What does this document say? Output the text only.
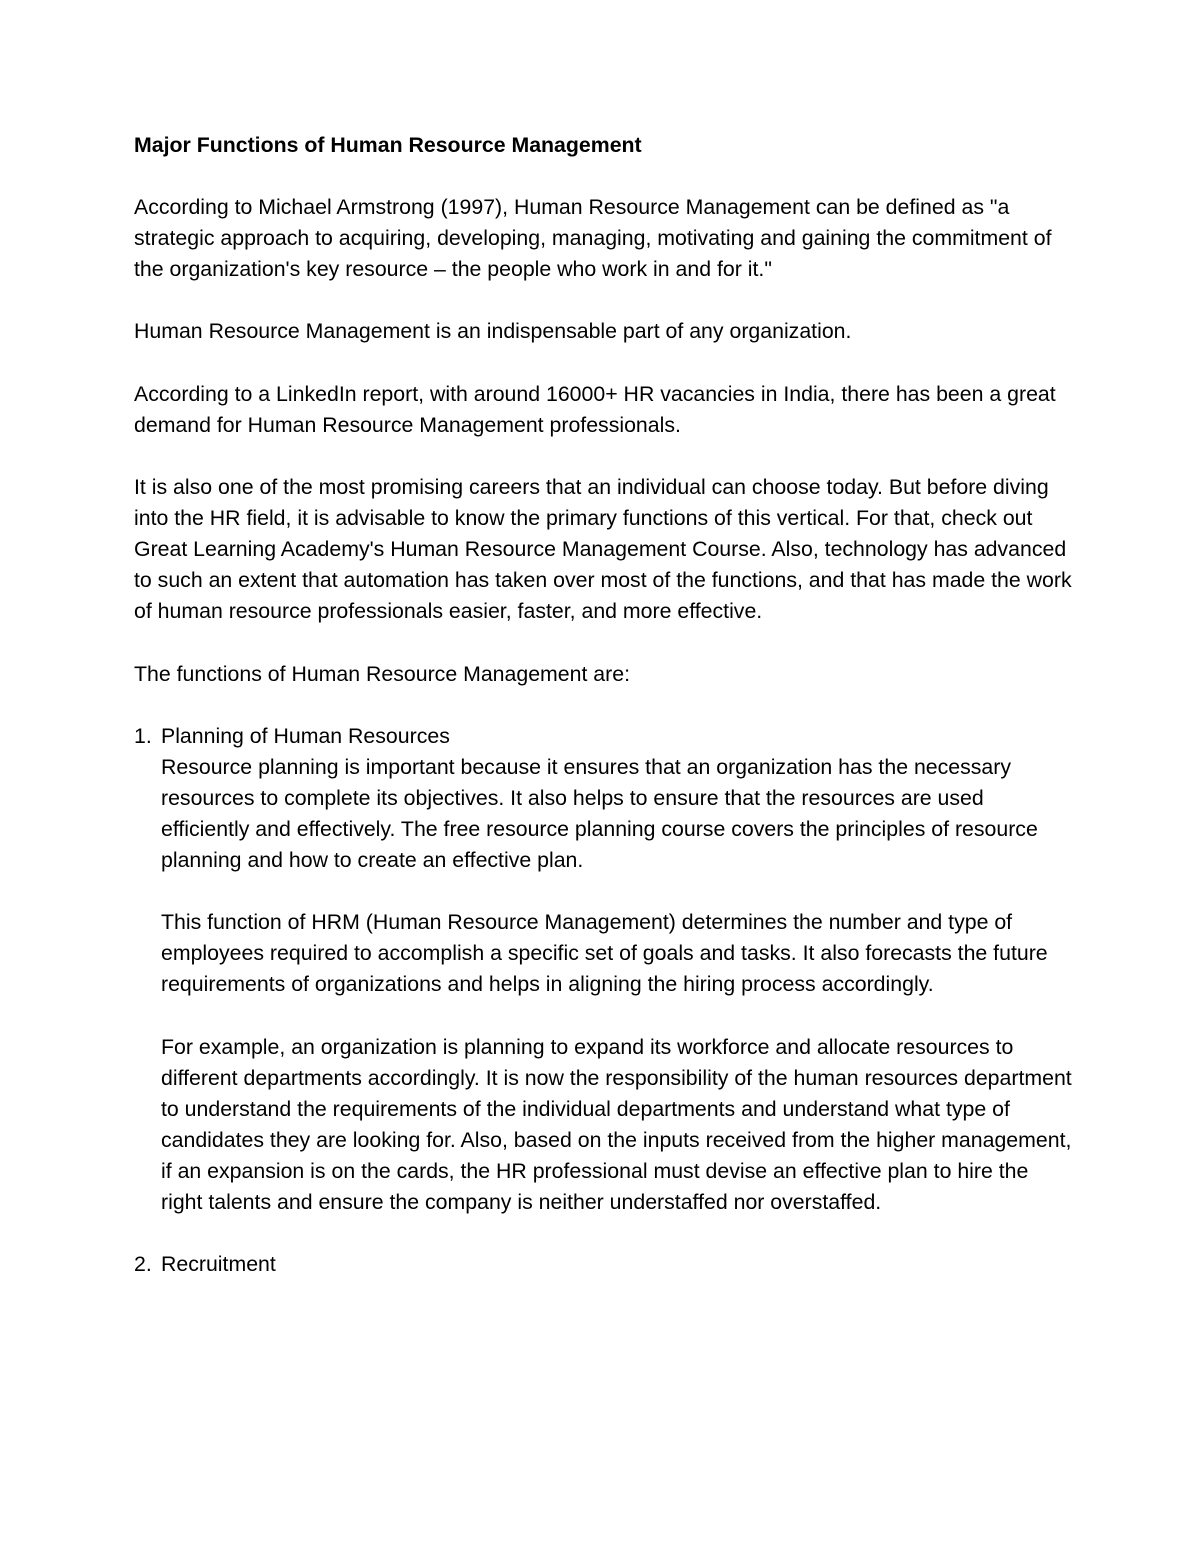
Major Functions of Human Resource Management

According to Michael Armstrong (1997), Human Resource Management can be defined as "a strategic approach to acquiring, developing, managing, motivating and gaining the commitment of the organization's key resource – the people who work in and for it."

Human Resource Management is an indispensable part of any organization.

According to a LinkedIn report, with around 16000+ HR vacancies in India, there has been a great demand for Human Resource Management professionals.

It is also one of the most promising careers that an individual can choose today. But before diving into the HR field, it is advisable to know the primary functions of this vertical. For that, check out Great Learning Academy's Human Resource Management Course. Also, technology has advanced to such an extent that automation has taken over most of the functions, and that has made the work of human resource professionals easier, faster, and more effective.

The functions of Human Resource Management are:

1. Planning of Human Resources

Resource planning is important because it ensures that an organization has the necessary resources to complete its objectives. It also helps to ensure that the resources are used efficiently and effectively. The free resource planning course covers the principles of resource planning and how to create an effective plan.

This function of HRM (Human Resource Management) determines the number and type of employees required to accomplish a specific set of goals and tasks. It also forecasts the future requirements of organizations and helps in aligning the hiring process accordingly.

For example, an organization is planning to expand its workforce and allocate resources to different departments accordingly. It is now the responsibility of the human resources department to understand the requirements of the individual departments and understand what type of candidates they are looking for. Also, based on the inputs received from the higher management, if an expansion is on the cards, the HR professional must devise an effective plan to hire the right talents and ensure the company is neither understaffed nor overstaffed.

2. Recruitment
